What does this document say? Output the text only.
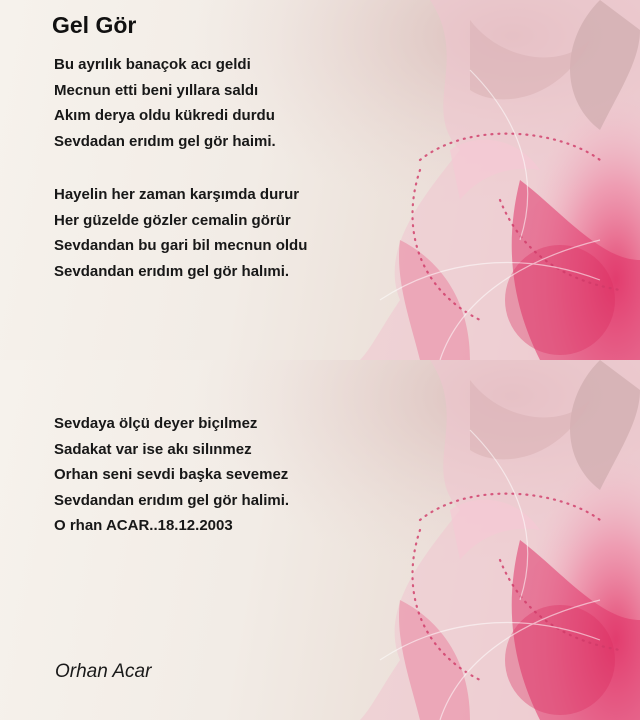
Gel Gör
Bu ayrılık banaçok acı geldi
Mecnun etti beni yıllara saldı
Akım derya oldu kükredi durdu
Sevdadan erıdım gel gör haimi.
Hayelin her zaman karşımda durur
Her güzelde gözler cemalin görür
Sevdandan bu gari bil mecnun oldu
Sevdandan erıdım gel gör halımi.
Sevdaya ölçü deyer biçılmez
Sadakat var ise akı silınmez
Orhan seni sevdi başka sevemez
Sevdandan erıdım gel gör halimi.
O rhan ACAR..18.12.2003
Orhan Acar
